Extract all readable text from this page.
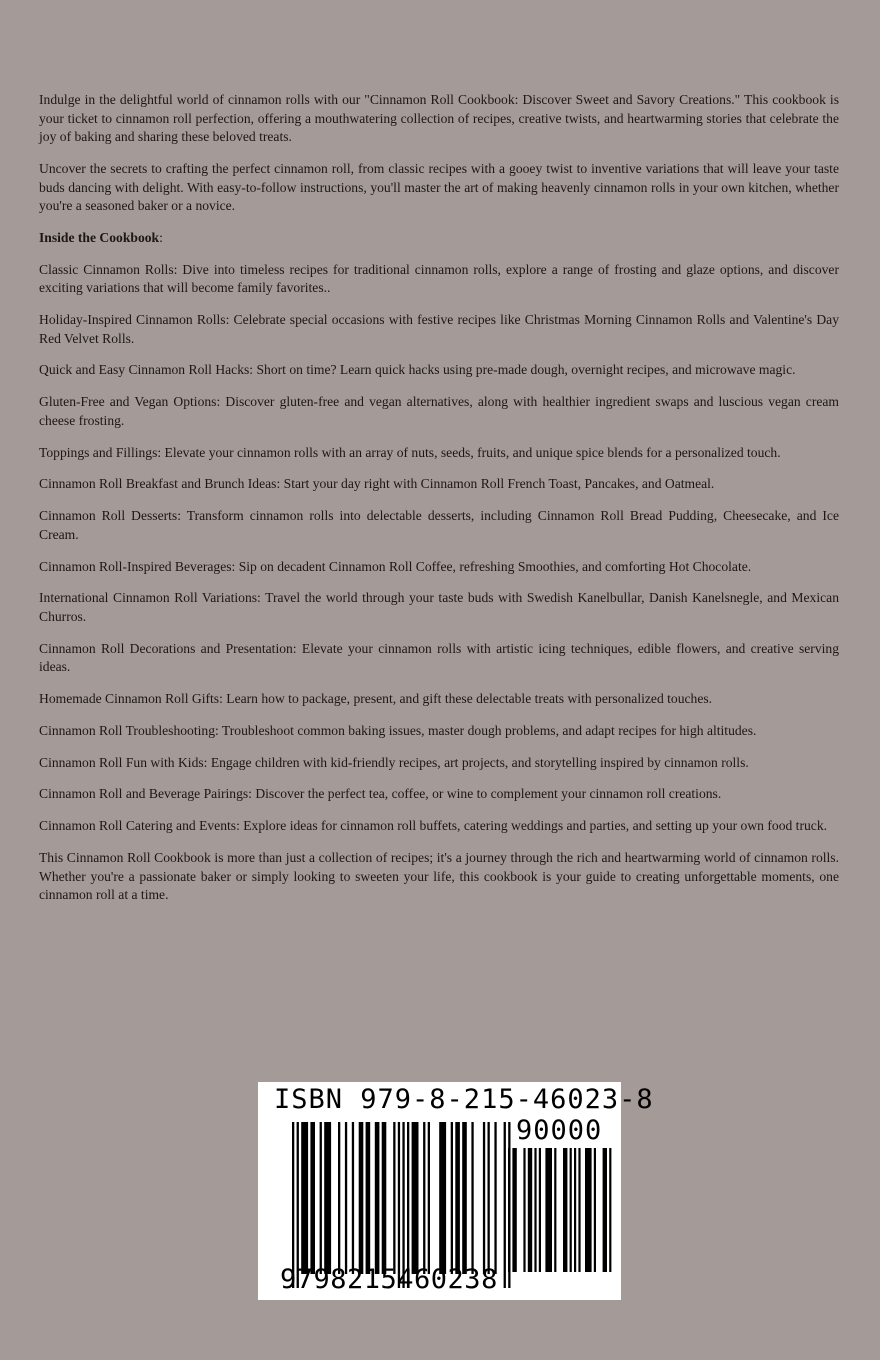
Indulge in the delightful world of cinnamon rolls with our "Cinnamon Roll Cookbook: Discover Sweet and Savory Creations." This cookbook is your ticket to cinnamon roll perfection, offering a mouthwatering collection of recipes, creative twists, and heartwarming stories that celebrate the joy of baking and sharing these beloved treats.

Uncover the secrets to crafting the perfect cinnamon roll, from classic recipes with a gooey twist to inventive variations that will leave your taste buds dancing with delight. With easy-to-follow instructions, you'll master the art of making heavenly cinnamon rolls in your own kitchen, whether you're a seasoned baker or a novice.

Inside the Cookbook:

Classic Cinnamon Rolls: Dive into timeless recipes for traditional cinnamon rolls, explore a range of frosting and glaze options, and discover exciting variations that will become family favorites..

Holiday-Inspired Cinnamon Rolls: Celebrate special occasions with festive recipes like Christmas Morning Cinnamon Rolls and Valentine's Day Red Velvet Rolls.

Quick and Easy Cinnamon Roll Hacks: Short on time? Learn quick hacks using pre-made dough, overnight recipes, and microwave magic.

Gluten-Free and Vegan Options: Discover gluten-free and vegan alternatives, along with healthier ingredient swaps and luscious vegan cream cheese frosting.

Toppings and Fillings: Elevate your cinnamon rolls with an array of nuts, seeds, fruits, and unique spice blends for a personalized touch.

Cinnamon Roll Breakfast and Brunch Ideas: Start your day right with Cinnamon Roll French Toast, Pancakes, and Oatmeal.

Cinnamon Roll Desserts: Transform cinnamon rolls into delectable desserts, including Cinnamon Roll Bread Pudding, Cheesecake, and Ice Cream.

Cinnamon Roll-Inspired Beverages: Sip on decadent Cinnamon Roll Coffee, refreshing Smoothies, and comforting Hot Chocolate.

International Cinnamon Roll Variations: Travel the world through your taste buds with Swedish Kanelbullar, Danish Kanelsnegle, and Mexican Churros.

Cinnamon Roll Decorations and Presentation: Elevate your cinnamon rolls with artistic icing techniques, edible flowers, and creative serving ideas.

Homemade Cinnamon Roll Gifts: Learn how to package, present, and gift these delectable treats with personalized touches.

Cinnamon Roll Troubleshooting: Troubleshoot common baking issues, master dough problems, and adapt recipes for high altitudes.

Cinnamon Roll Fun with Kids: Engage children with kid-friendly recipes, art projects, and storytelling inspired by cinnamon rolls.

Cinnamon Roll and Beverage Pairings: Discover the perfect tea, coffee, or wine to complement your cinnamon roll creations.

Cinnamon Roll Catering and Events: Explore ideas for cinnamon roll buffets, catering weddings and parties, and setting up your own food truck.

This Cinnamon Roll Cookbook is more than just a collection of recipes; it's a journey through the rich and heartwarming world of cinnamon rolls. Whether you're a passionate baker or simply looking to sweeten your life, this cookbook is your guide to creating unforgettable moments, one cinnamon roll at a time.

ISBN 979-8-215-46023-8
90000
9798215460238
